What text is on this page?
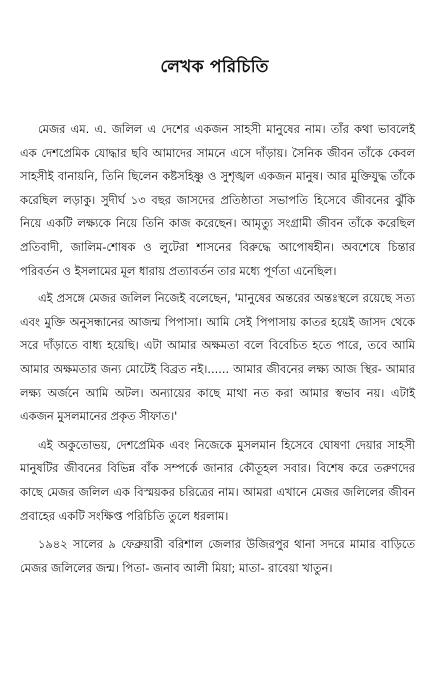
লেখক পরিচিতি

মেজর এম. এ. জলিল এ দেশের একজন সাহসী মানুষের নাম। তাঁর কথা ভাবলেই এক দেশপ্রেমিক যোদ্ধার ছবি আমাদের সামনে এসে দাঁড়ায়। সৈনিক জীবন তাঁকে কেবল সাহসীই বানায়নি, তিনি ছিলেন কষ্টসহিষ্ণু ও সুশৃঙ্খল একজন মানুষ। আর মুক্তিযুদ্ধ তাঁকে করেছিল লড়াকু। সুদীর্ঘ ১৩ বছর জাসদের প্রতিষ্ঠাতা সভাপতি হিসেবে জীবনের ঝুঁকি নিয়ে একটি লক্ষ্যকে নিয়ে তিনি কাজ করেছেন। আমৃত্যু সংগ্রামী জীবন তাঁকে করেছিল প্রতিবাদী, জালিম-শোষক ও লুটেরা শাসনের বিরুদ্ধে আপোষহীন। অবশেষে চিন্তার পরিবর্তন ও ইসলামের মূল ধারায় প্রত্যাবর্তন তার মধ্যে পূর্ণতা এনেছিল।

এই প্রসঙ্গে মেজর জলিল নিজেই বলেছেন, 'মানুষের অন্তরের অন্তঃস্থলে রয়েছে সত্য এবং মুক্তি অনুসন্ধানের আজন্ম পিপাসা। আমি সেই পিপাসায় কাতর হয়েই জাসদ থেকে সরে দাঁড়াতে বাধ্য হয়েছি। এটা আমার অক্ষমতা বলে বিবেচিত হতে পারে, তবে আমি আমার অক্ষমতার জন্য মোটেই বিব্রত নই।...... আমার জীবনের লক্ষ্য আজ স্থির- আমার লক্ষ্য অর্জনে আমি অটল। অন্যায়ের কাছে মাথা নত করা আমার স্বভাব নয়। এটাই একজন মুসলমানের প্রকৃত সীফাত।'

এই অকুতোভয়, দেশপ্রেমিক এবং নিজেকে মুসলমান হিসেবে ঘোষণা দেয়ার সাহসী মানুষটির জীবনের বিভিন্ন বাঁক সম্পর্কে জানার কৌতূহল সবার। বিশেষ করে তরুণদের কাছে মেজর জলিল এক বিস্ময়কর চরিত্রের নাম। আমরা এখানে মেজর জলিলের জীবন প্রবাহের একটি সংক্ষিপ্ত পরিচিতি তুলে ধরলাম।

১৯৪২ সালের ৯ ফেব্রুয়ারী বরিশাল জেলার উজিরপুর থানা সদরে মামার বাড়িতে মেজর জলিলের জন্ম। পিতা- জনাব আলী মিয়া; মাতা- রাবেয়া খাতুন।
